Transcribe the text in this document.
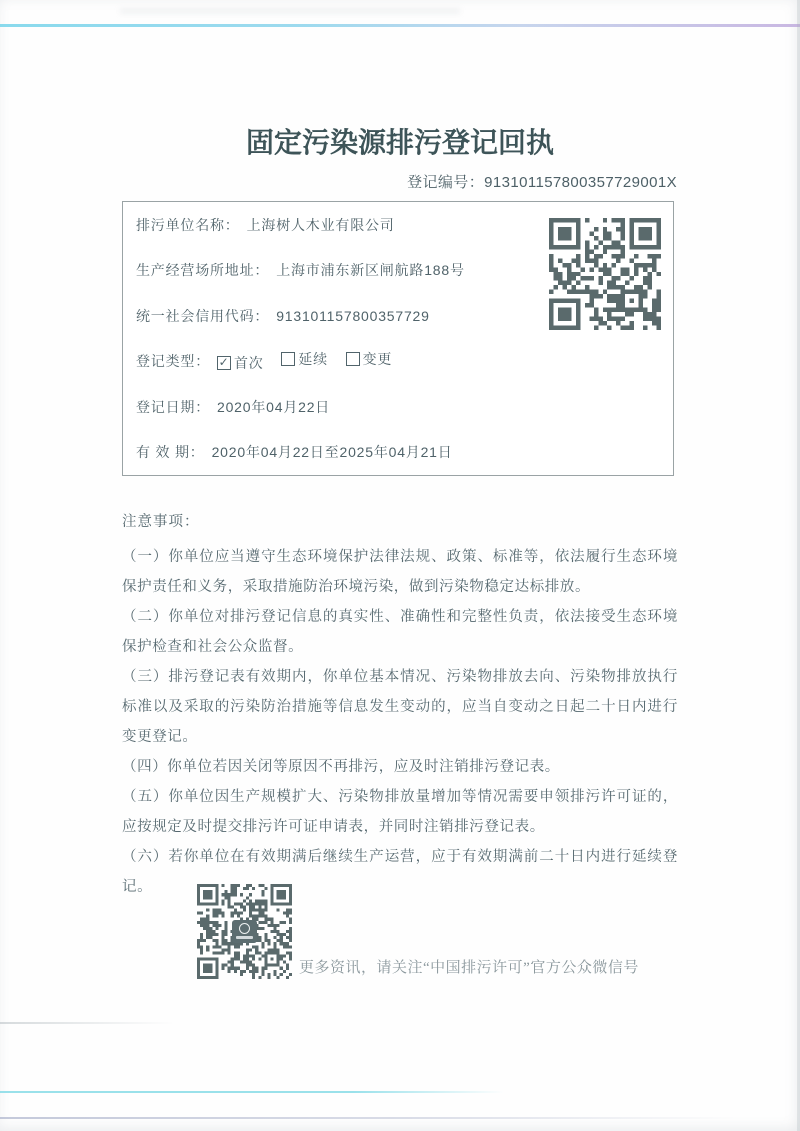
固定污染源排污登记回执
登记编号：913101157800357729001X
排污单位名称： 上海树人木业有限公司
生产经营场所地址： 上海市浦东新区闸航路188号
统一社会信用代码： 913101157800357729
登记类型： ✓ 首次
延续
变更
登记日期： 2020年04月22日
有 效 期： 2020年04月22日至2025年04月21日

注意事项：

（一）你单位应当遵守生态环境保护法律法规、政策、标准等，依法履行生态环境保护责任和义务，采取措施防治环境污染，做到污染物稳定达标排放。

（二）你单位对排污登记信息的真实性、准确性和完整性负责，依法接受生态环境保护检查和社会公众监督。

（三）排污登记表有效期内，你单位基本情况、污染物排放去向、污染物排放执行标准以及采取的污染防治措施等信息发生变动的，应当自变动之日起二十日内进行变更登记。

（四）你单位若因关闭等原因不再排污，应及时注销排污登记表。

（五）你单位因生产规模扩大、污染物排放量增加等情况需要申领排污许可证的，应按规定及时提交排污许可证申请表，并同时注销排污登记表。

（六）若你单位在有效期满后继续生产运营，应于有效期满前二十日内进行延续登记。

更多资讯，请关注“中国排污许可”官方公众微信号
